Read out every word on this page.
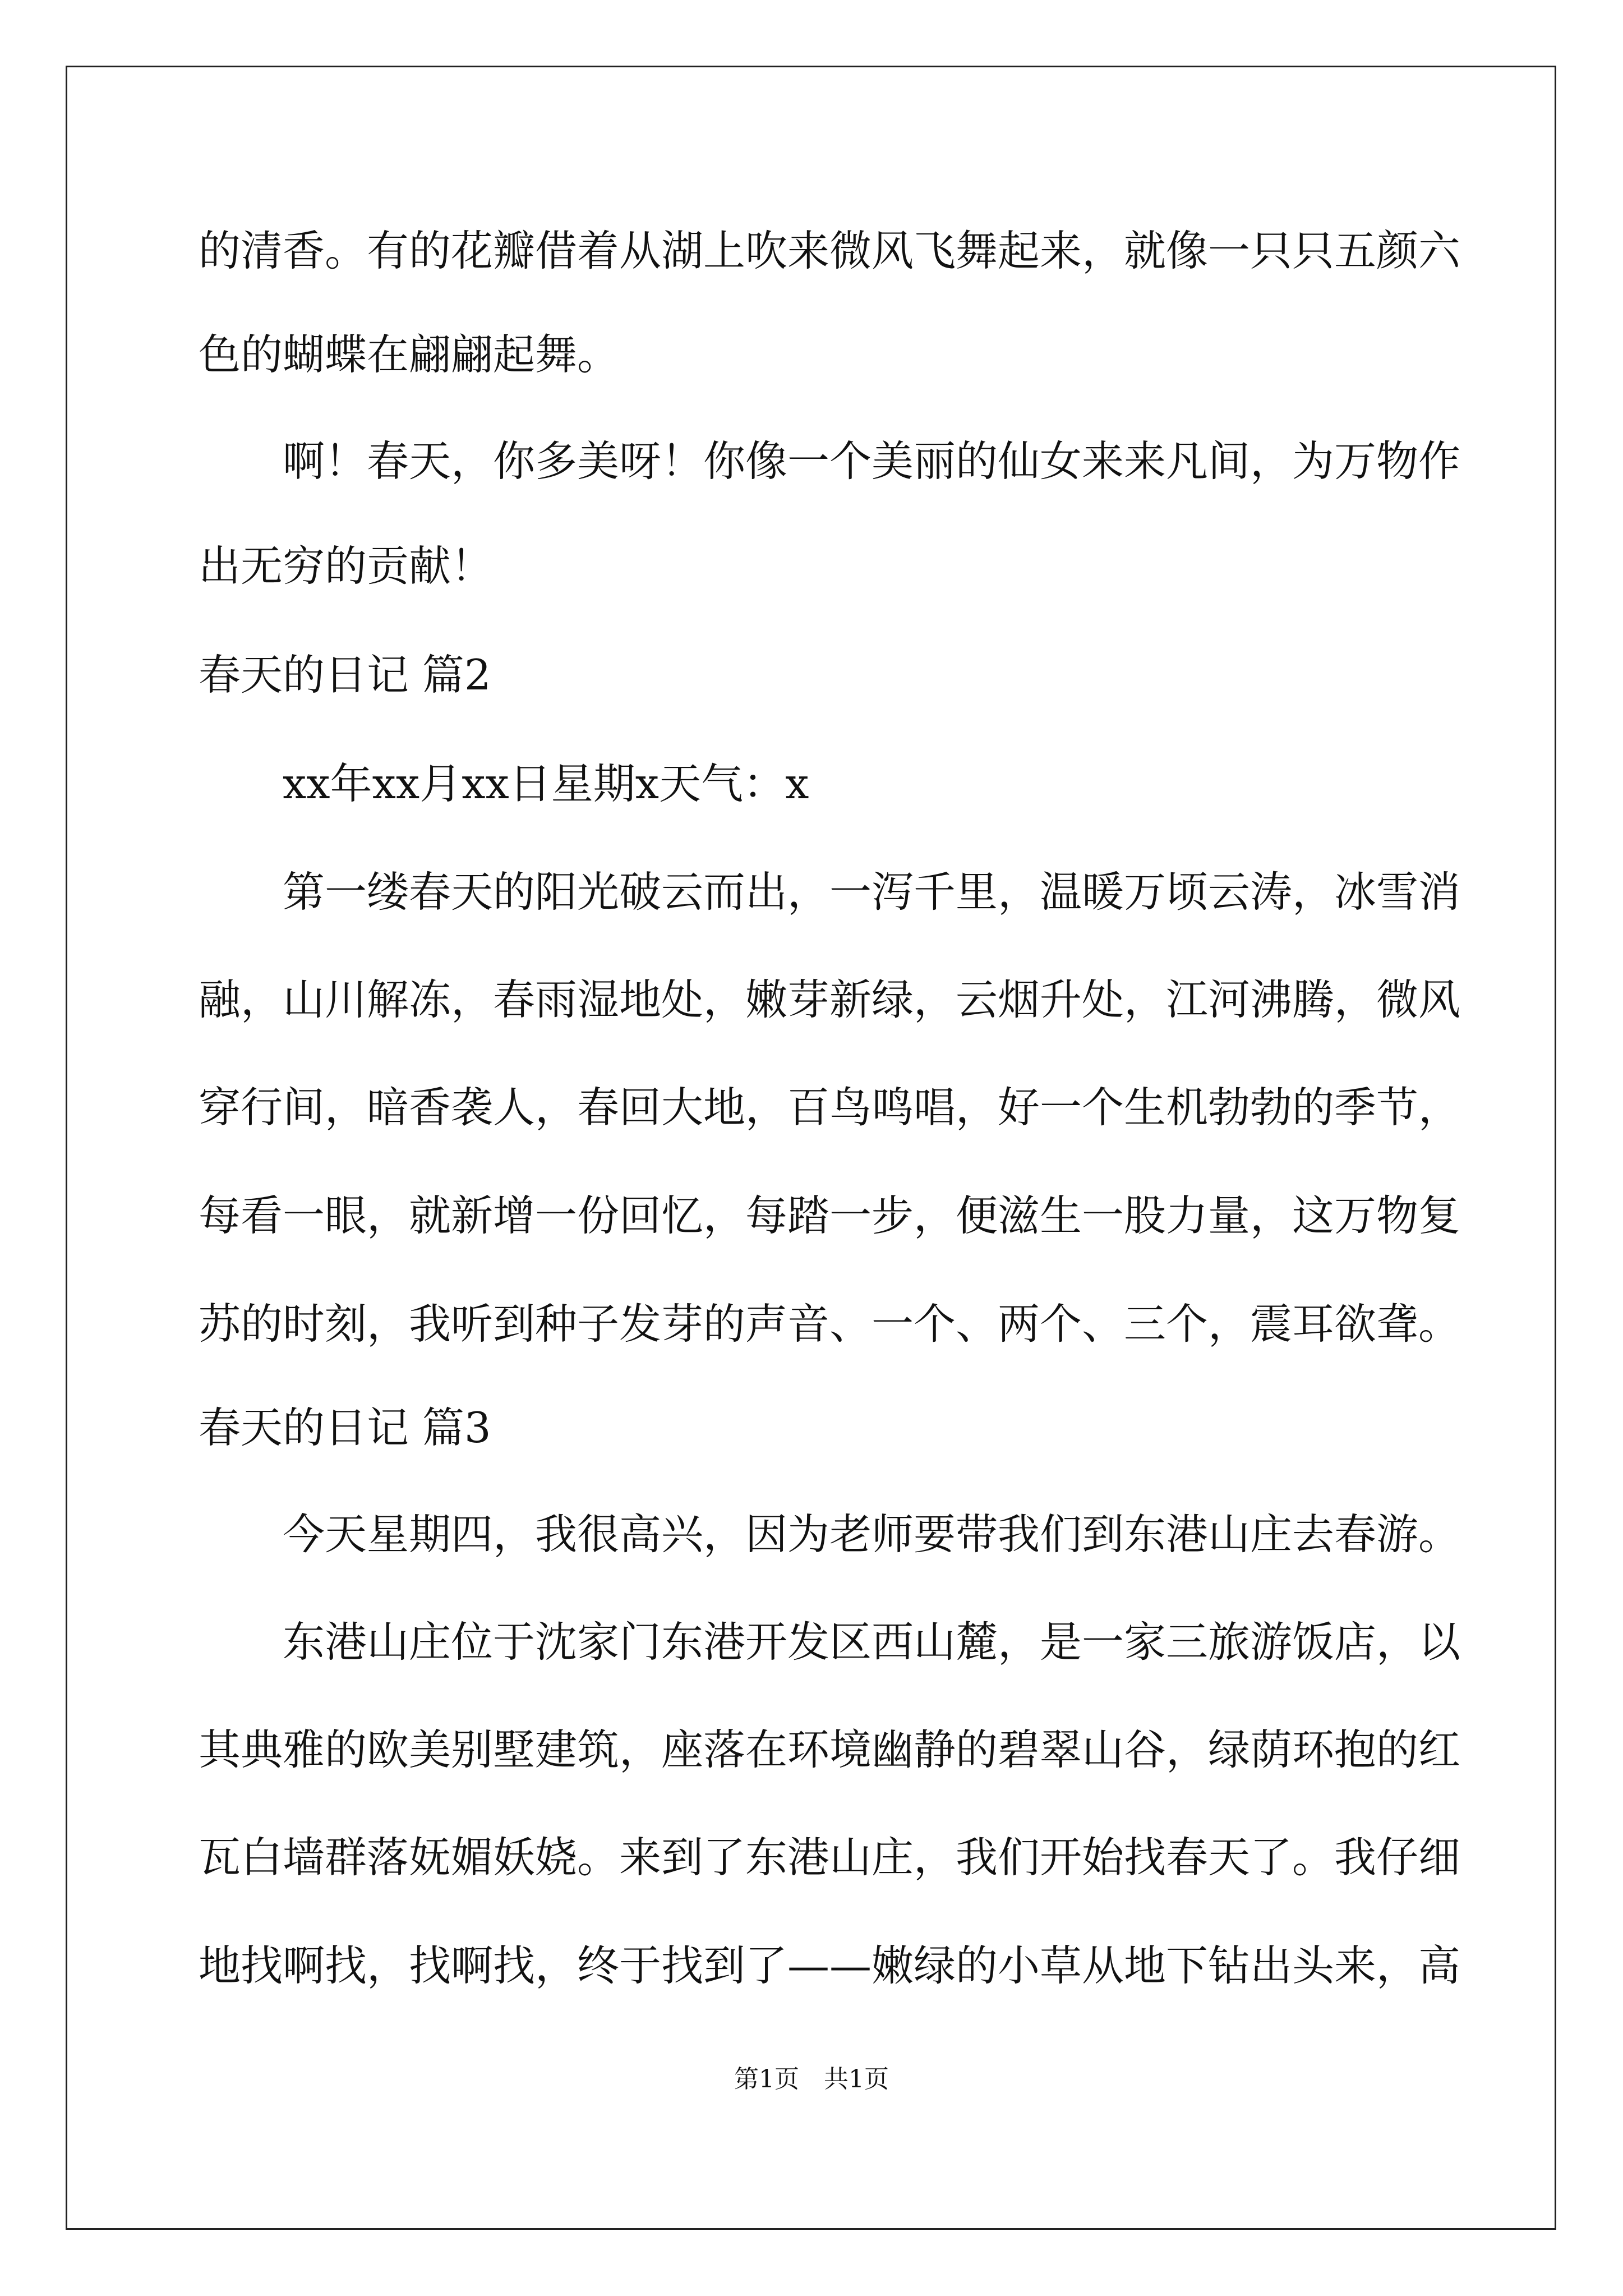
的清香。有的花瓣借着从湖上吹来微风飞舞起来，就像一只只五颜六
色的蝴蝶在翩翩起舞。
啊！春天，你多美呀！你像一个美丽的仙女来来凡间，为万物作
出无穷的贡献！
春天的日记 篇2
xx年xx月xx日星期x天气：x
第一缕春天的阳光破云而出，一泻千里，温暖万顷云涛，冰雪消
融，山川解冻，春雨湿地处，嫩芽新绿，云烟升处，江河沸腾，微风
穿行间，暗香袭人，春回大地，百鸟鸣唱，好一个生机勃勃的季节，
每看一眼，就新增一份回忆，每踏一步，便滋生一股力量，这万物复
苏的时刻，我听到种子发芽的声音、一个、两个、三个，震耳欲聋。
春天的日记 篇3
今天星期四，我很高兴，因为老师要带我们到东港山庄去春游。
东港山庄位于沈家门东港开发区西山麓，是一家三旅游饭店，以
其典雅的欧美别墅建筑，座落在环境幽静的碧翠山谷，绿荫环抱的红
瓦白墙群落妩媚妖娆。来到了东港山庄，我们开始找春天了。我仔细
地找啊找，找啊找，终于找到了——嫩绿的小草从地下钻出头来，高
第1页 共1页
